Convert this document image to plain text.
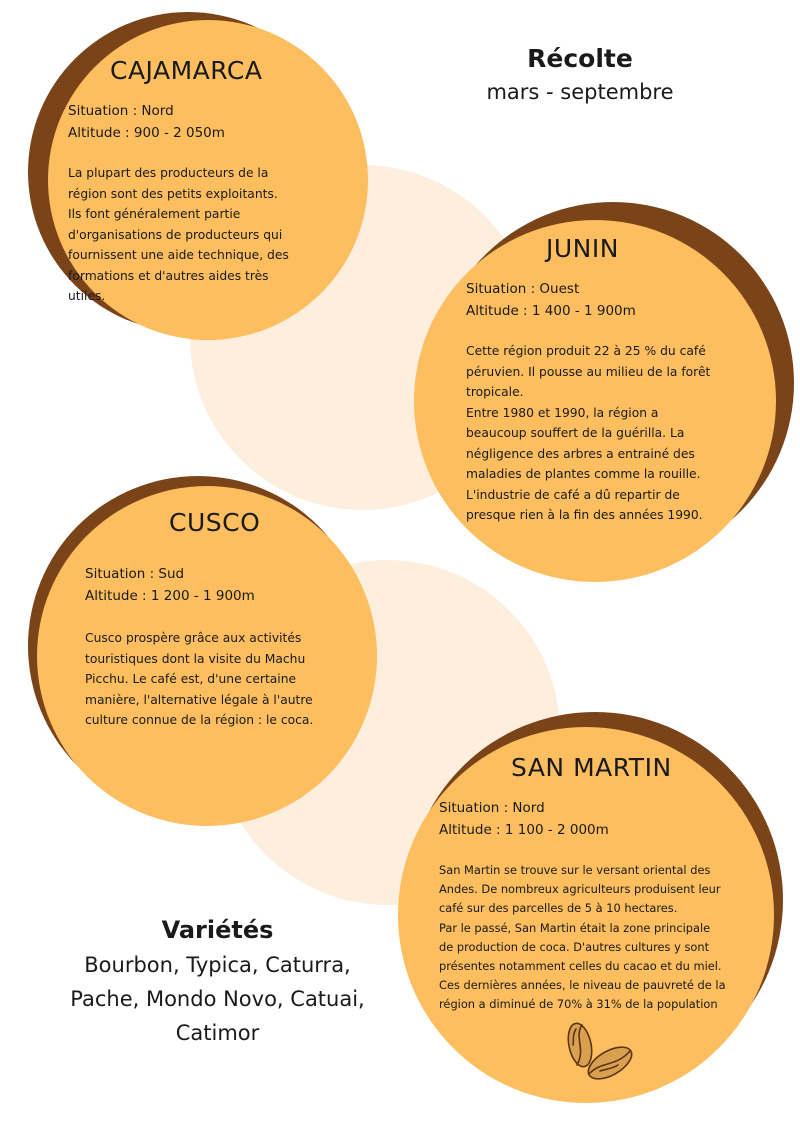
Récolte
mars - septembre
CAJAMARCA

Situation : Nord

Altitude : 900 - 2 050m

La plupart des producteurs de la

région sont des petits exploitants.

Ils font généralement partie

d'organisations de producteurs qui

fournissent une aide technique, des

formations et d'autres aides très

utiles.

JUNIN

Situation : Ouest

Altitude : 1 400 - 1 900m

Cette région produit 22 à 25 % du café

péruvien. Il pousse au milieu de la forêt

tropicale.

Entre 1980 et 1990, la région a

beaucoup souffert de la guérilla. La

négligence des arbres a entrainé des

maladies de plantes comme la rouille.

L'industrie de café a dû repartir de

presque rien à la fin des années 1990.

CUSCO

Situation : Sud

Altitude : 1 200 - 1 900m

Cusco prospère grâce aux activités

touristiques dont la visite du Machu

Picchu. Le café est, d'une certaine

manière, l'alternative légale à l'autre

culture connue de la région : le coca.

SAN MARTIN

Situation : Nord

Altitude : 1 100 - 2 000m

San Martin se trouve sur le versant oriental des

Andes. De nombreux agriculteurs produisent leur

café sur des parcelles de 5 à 10 hectares.

Par le passé, San Martin était la zone principale

de production de coca. D'autres cultures y sont

présentes notamment celles du cacao et du miel.

Ces dernières années, le niveau de pauvreté de la

région a diminué de 70% à 31% de la population

Variétés
Bourbon, Typica, Caturra,
Pache, Mondo Novo, Catuai,
Catimor
